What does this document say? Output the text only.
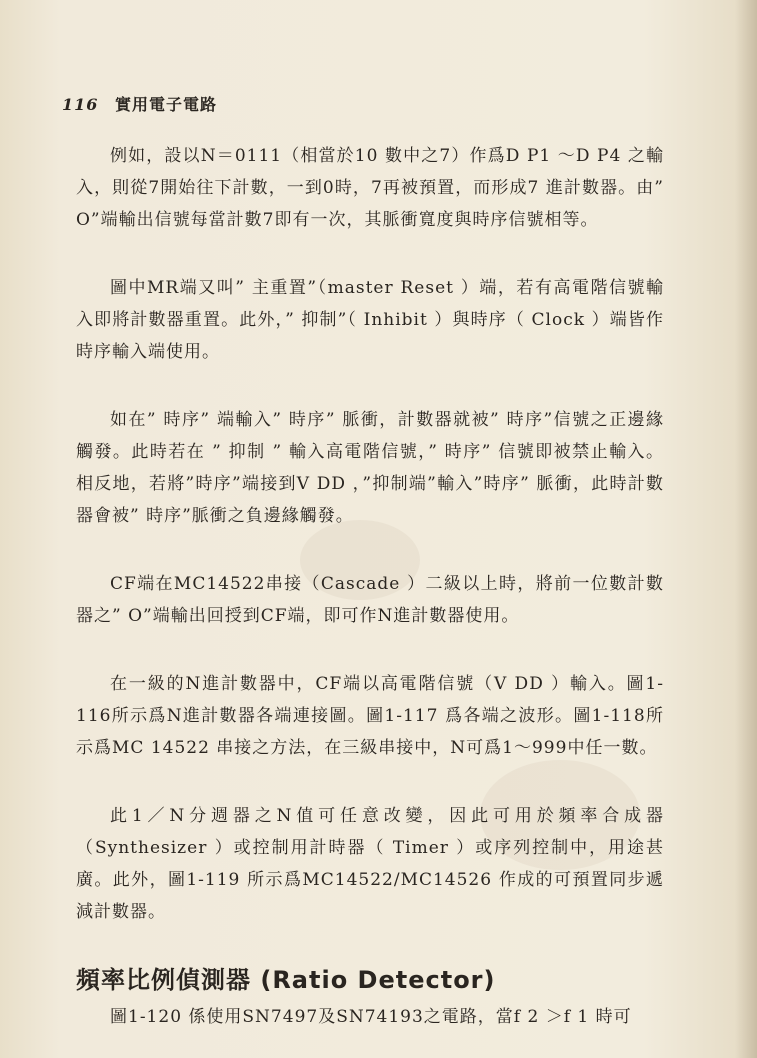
116 實用電子電路

例如，設以N＝0111（相當於10 數中之7）作爲D P1 ～D P4 之輸入，則從7開始往下計數，一到0時，7再被預置，而形成7 進計數器。由” O”端輸出信號每當計數7即有一次，其脈衝寬度與時序信號相等。

圖中MR端又叫” 主重置”（master Reset ）端，若有高電階信號輸入即將計數器重置。此外，” 抑制”（ Inhibit ）與時序（ Clock ）端皆作時序輸入端使用。

如在” 時序” 端輸入” 時序” 脈衝，計數器就被” 時序”信號之正邊緣觸發。此時若在 ” 抑制 ” 輸入高電階信號，” 時序” 信號即被禁止輸入。相反地，若將”時序”端接到V DD ，”抑制端”輸入”時序” 脈衝，此時計數器會被” 時序”脈衝之負邊緣觸發。

CF端在MC14522串接（Cascade ）二級以上時，將前一位數計數器之” O”端輸出回授到CF端，即可作N進計數器使用。

在一級的N進計數器中，CF端以高電階信號（V DD ）輸入。圖1-116所示爲N進計數器各端連接圖。圖1-117 爲各端之波形。圖1-118所示爲MC 14522 串接之方法，在三級串接中，N可爲1～999中任一數。

此1／N分週器之N值可任意改變，因此可用於頻率合成器（Synthesizer ）或控制用計時器（ Timer ）或序列控制中，用途甚廣。此外，圖1-119 所示爲MC14522/MC14526 作成的可預置同步遞減計數器。

頻率比例偵測器 (Ratio Detector)

圖1-120 係使用SN7497及SN74193之電路，當f 2 ＞f 1 時可
